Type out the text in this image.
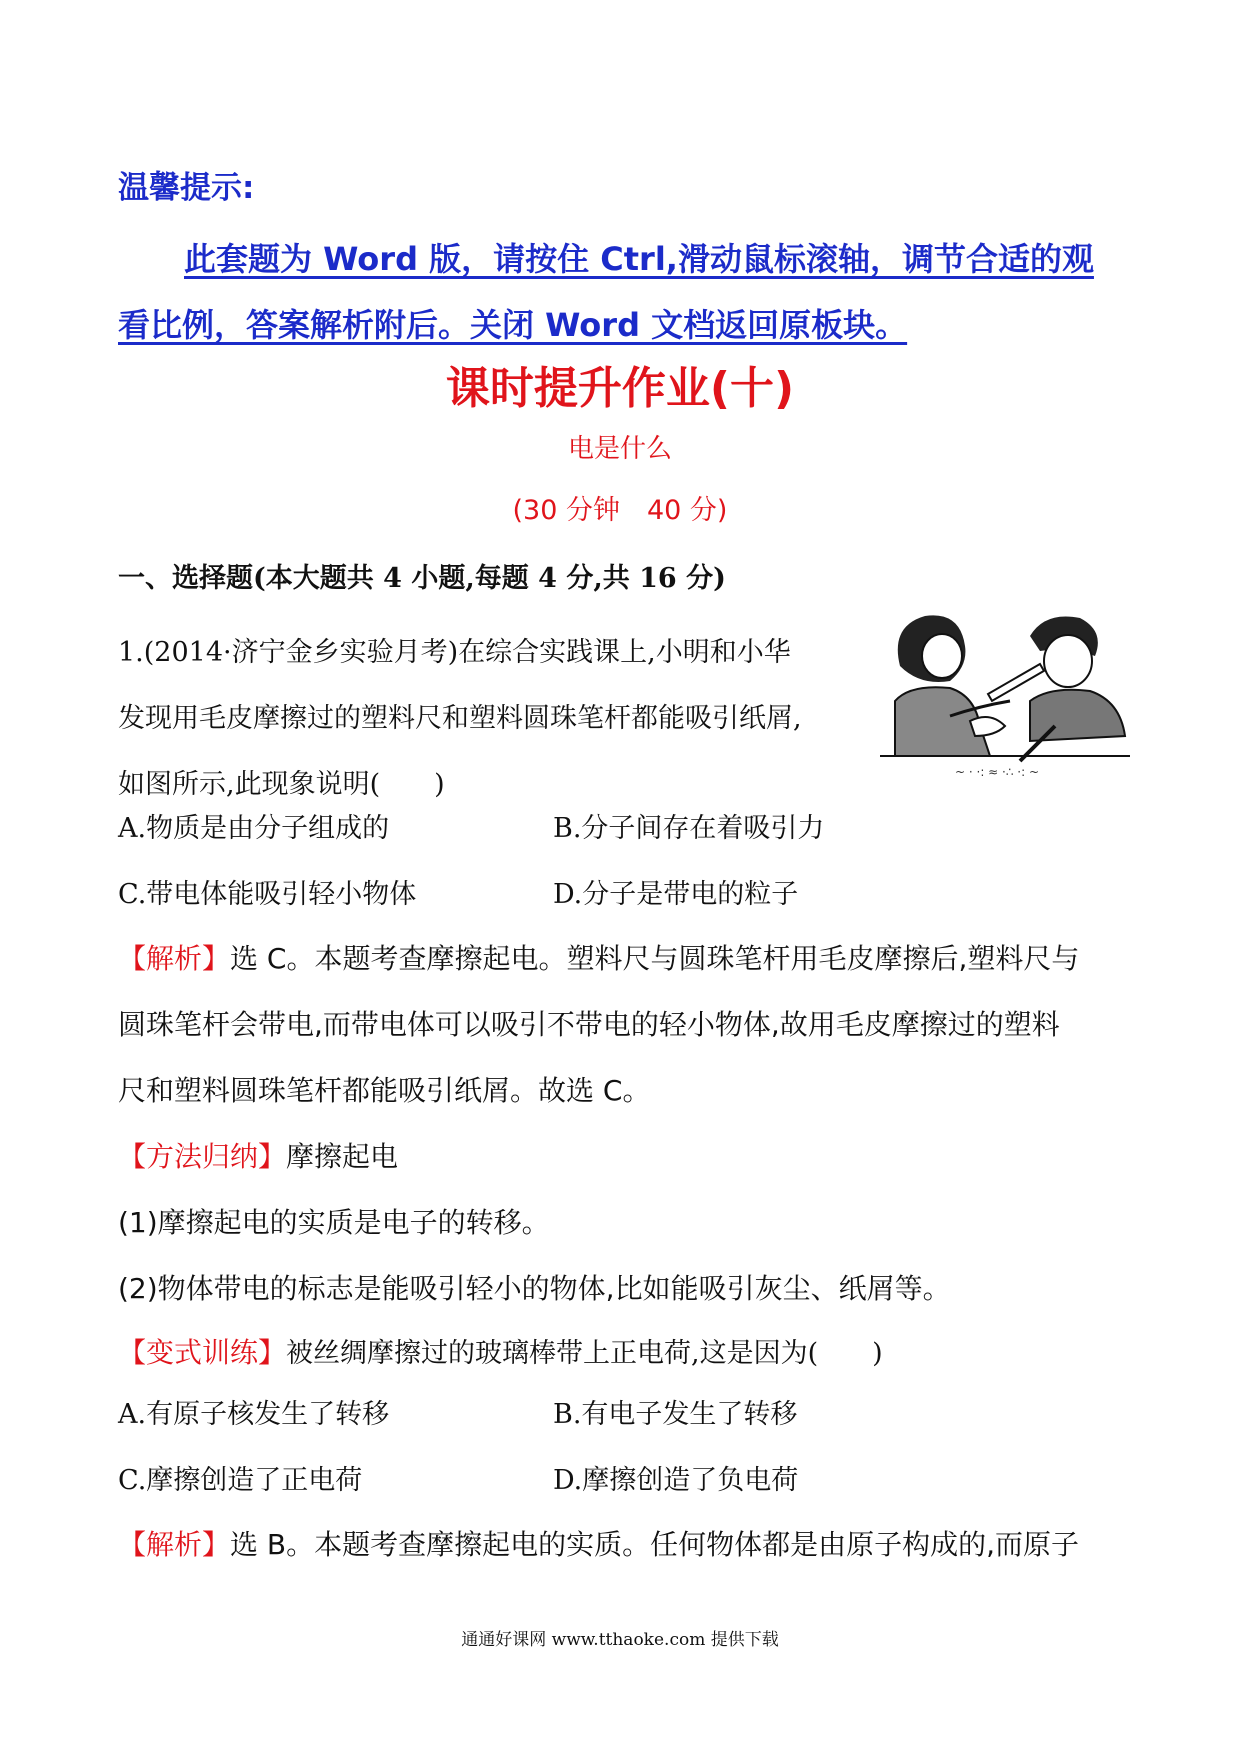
温馨提示:
此套题为 Word 版，请按住 Ctrl,滑动鼠标滚轴，调节合适的观
看比例，答案解析附后。关闭 Word 文档返回原板块。
课时提升作业(十)
电是什么
(30 分钟　40 分)
一、选择题(本大题共 4 小题,每题 4 分,共 16 分)
1.(2014·济宁金乡实验月考)在综合实践课上,小明和小华
发现用毛皮摩擦过的塑料尺和塑料圆珠笔杆都能吸引纸屑,
如图所示,此现象说明(　　)	~ · ·: ≈ ·∴ ·: ~
A.物质是由分子组成的	B.分子间存在着吸引力
C.带电体能吸引轻小物体	D.分子是带电的粒子
【解析】选 C。本题考查摩擦起电。塑料尺与圆珠笔杆用毛皮摩擦后,塑料尺与
圆珠笔杆会带电,而带电体可以吸引不带电的轻小物体,故用毛皮摩擦过的塑料
尺和塑料圆珠笔杆都能吸引纸屑。故选 C。
【方法归纳】摩擦起电
(1)摩擦起电的实质是电子的转移。
(2)物体带电的标志是能吸引轻小的物体,比如能吸引灰尘、纸屑等。
【变式训练】被丝绸摩擦过的玻璃棒带上正电荷,这是因为(　　)
A.有原子核发生了转移	B.有电子发生了转移
C.摩擦创造了正电荷	D.摩擦创造了负电荷
【解析】选 B。本题考查摩擦起电的实质。任何物体都是由原子构成的,而原子
通通好课网 www.tthaoke.com 提供下载
